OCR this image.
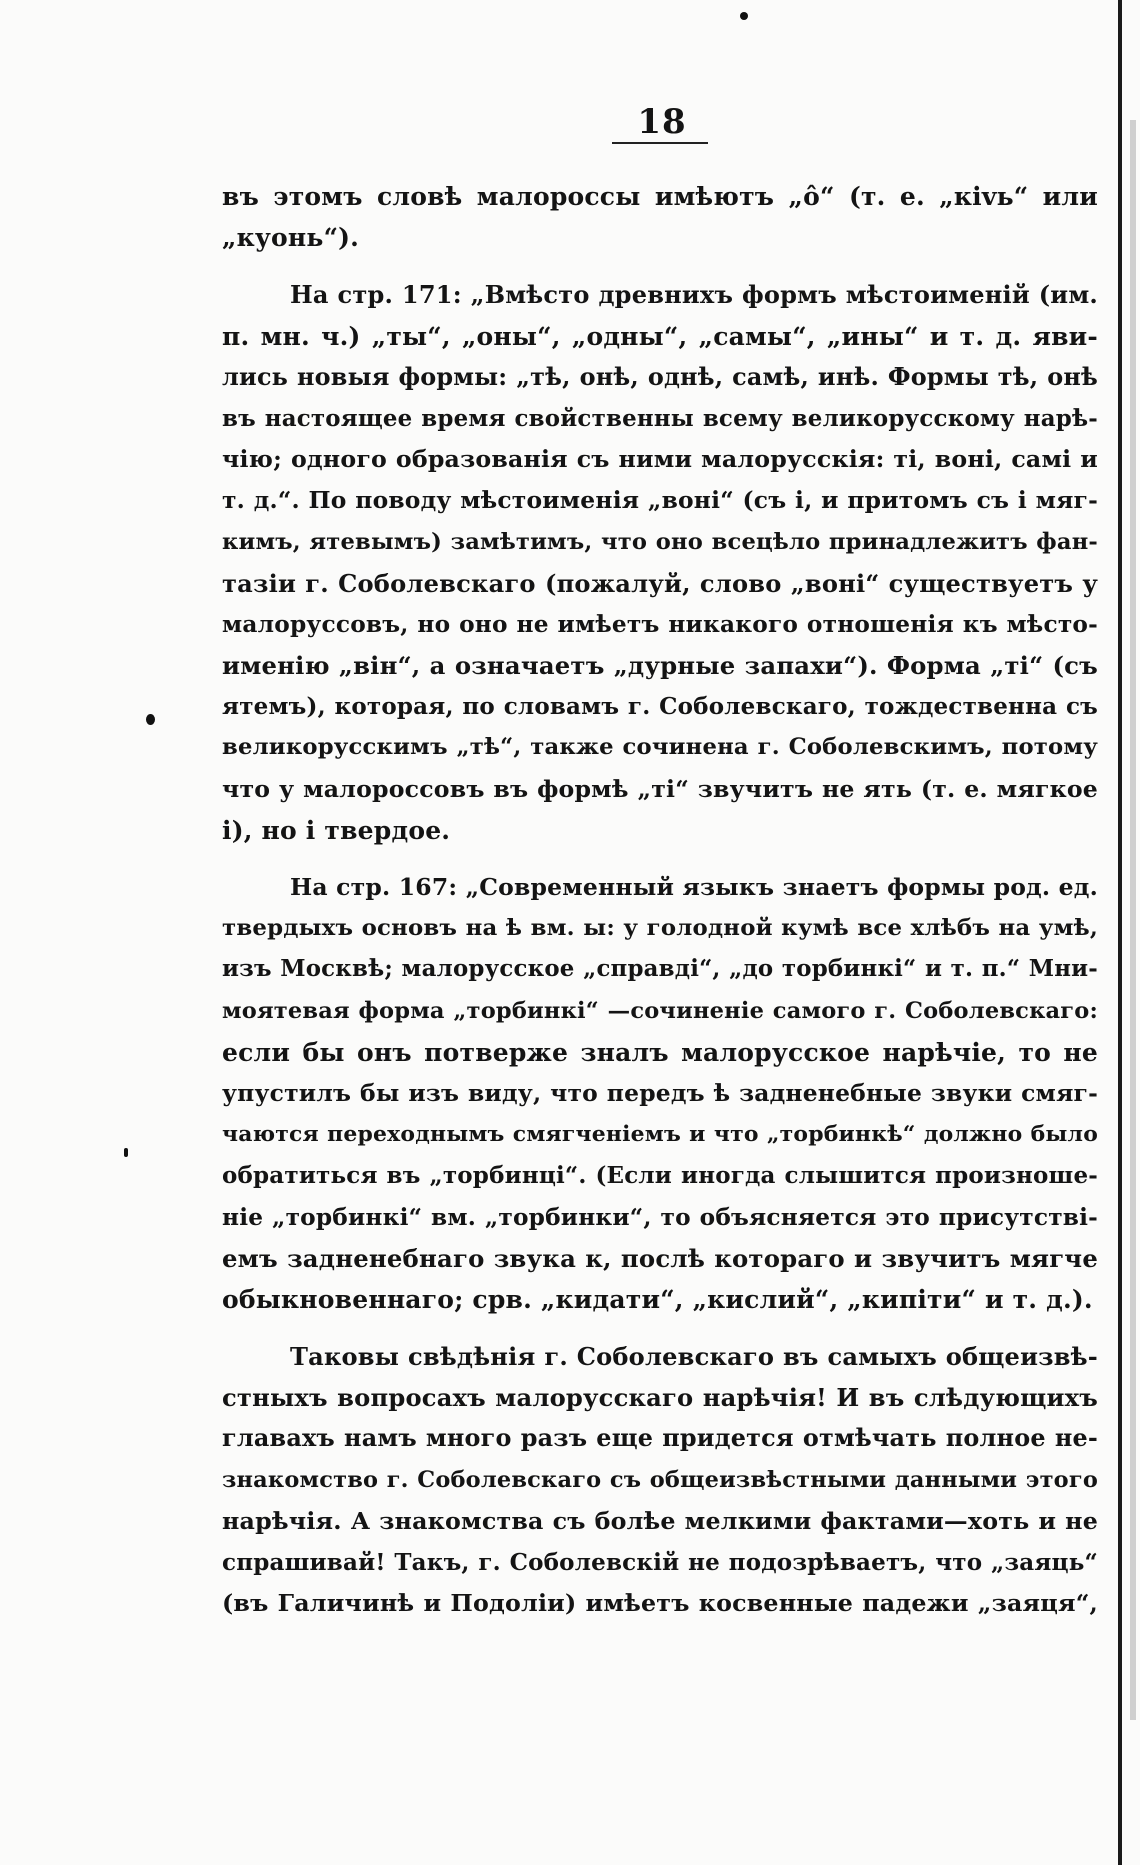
18
въ этомъ словѣ малороссы имѣютъ „ô“ (т. е. „кіvь“ или
„куонь“).
На стр. 171: „Вмѣсто древнихъ формъ мѣстоименій (им.
п. мн. ч.) „ты“, „оны“, „одны“, „самы“, „ины“ и т. д. яви-
лись новыя формы: „тѣ, онѣ, однѣ, самѣ, инѣ. Формы тѣ, онѣ
въ настоящее время свойственны всему великорусскому нарѣ-
чію; одного образованія съ ними малорусскія: ті, воні, самі и
т. д.“. По поводу мѣстоименія „воні“ (съ і, и притомъ съ і мяг-
кимъ, ятевымъ) замѣтимъ, что оно всецѣло принадлежитъ фан-
тазіи г. Соболевскаго (пожалуй, слово „воні“ существуетъ у
малоруссовъ, но оно не имѣетъ никакого отношенія къ мѣсто-
именію „він“, а означаетъ „дурные запахи“). Форма „ті“ (съ
ятемъ), которая, по словамъ г. Соболевскаго, тождественна съ
великорусскимъ „тѣ“, также сочинена г. Соболевскимъ, потому
что у малороссовъ въ формѣ „ті“ звучитъ не ять (т. е. мягкое
і), но і твердое.
На стр. 167: „Современный языкъ знаетъ формы род. ед.
твердыхъ основъ на ѣ вм. ы: у голодной кумѣ все хлѣбъ на умѣ,
изъ Москвѣ; малорусское „справді“, „до торбинкі“ и т. п.“ Мни-
моятевая форма „торбинкі“ —сочиненіе самого г. Соболевскаго:
если бы онъ потверже зналъ малорусское нарѣчіе, то не
упустилъ бы изъ виду, что передъ ѣ задненебные звуки смяг-
чаются переходнымъ смягченіемъ и что „торбинкѣ“ должно было
обратиться въ „торбинці“. (Если иногда слышится произноше-
ніе „торбинкі“ вм. „торбинки“, то объясняется это присутствi-
емъ задненебнаго звука к, послѣ котораго и звучитъ мягче
обыкновеннаго; срв. „кидати“, „кислий“, „кипіти“ и т. д.).
Таковы свѣдѣнія г. Соболевскаго въ самыхъ общеизвѣ-
стныхъ вопросахъ малорусскаго нарѣчія! И въ слѣдующихъ
главахъ намъ много разъ еще придется отмѣчать полное не-
знакомство г. Соболевскаго съ общеизвѣстными данными этого
нарѣчія. А знакомства съ болѣе мелкими фактами—хоть и не
спрашивай! Такъ, г. Соболевскій не подозрѣваетъ, что „заяць“
(въ Галичинѣ и Подоліи) имѣетъ косвенные падежи „заяця“,
